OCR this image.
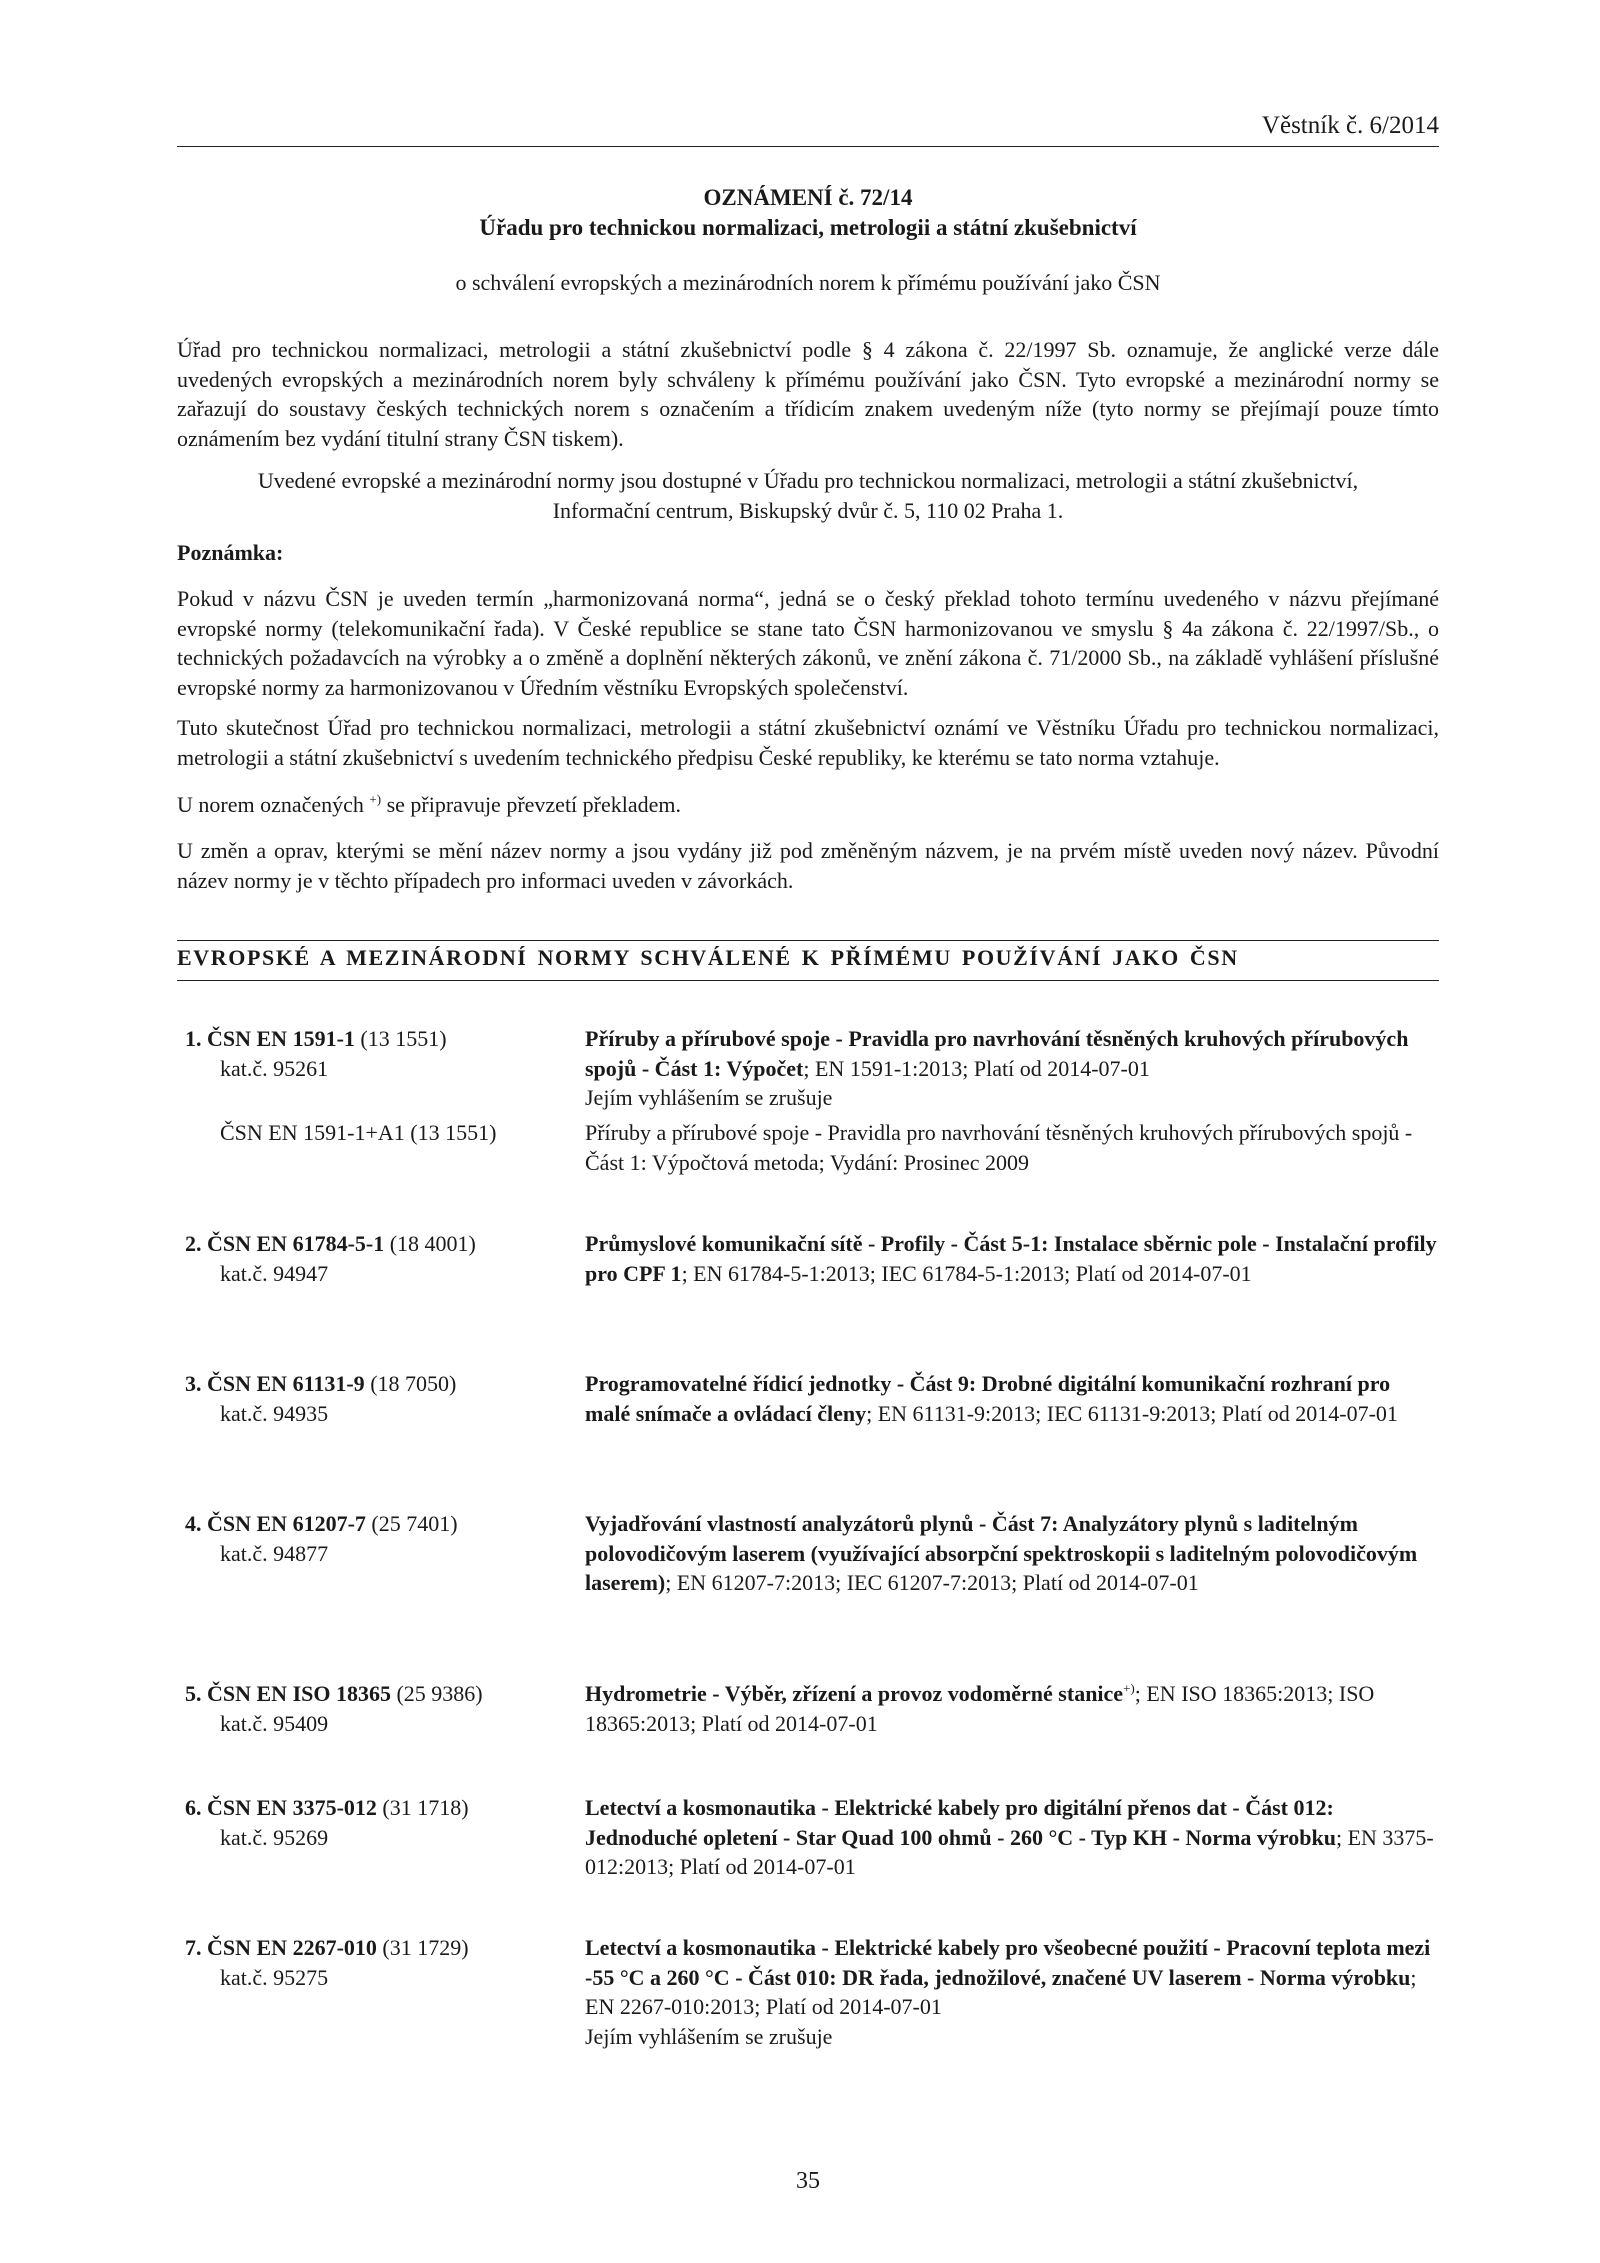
Věstník č. 6/2014
OZNÁMENÍ č. 72/14
Úřadu pro technickou normalizaci, metrologii a státní zkušebnictví
o schválení evropských a mezinárodních norem k přímému používání jako ČSN
Úřad pro technickou normalizaci, metrologii a státní zkušebnictví podle § 4 zákona č. 22/1997 Sb. oznamuje, že anglické verze dále uvedených evropských a mezinárodních norem byly schváleny k přímému používání jako ČSN. Tyto evropské a mezinárodní normy se zařazují do soustavy českých technických norem s označením a třídicím znakem uvedeným níže (tyto normy se přejímají pouze tímto oznámením bez vydání titulní strany ČSN tiskem).
Uvedené evropské a mezinárodní normy jsou dostupné v Úřadu pro technickou normalizaci, metrologii a státní zkušebnictví,
Informační centrum, Biskupský dvůr č. 5, 110 02 Praha 1.
Poznámka:
Pokud v názvu ČSN je uveden termín „harmonizovaná norma“, jedná se o český překlad tohoto termínu uvedeného v názvu přejímané evropské normy (telekomunikační řada). V České republice se stane tato ČSN harmonizovanou ve smyslu § 4a zákona č. 22/1997/Sb., o technických požadavcích na výrobky a o změně a doplnění některých zákonů, ve znění zákona č. 71/2000 Sb., na základě vyhlášení příslušné evropské normy za harmonizovanou v Úředním věstníku Evropských společenství.
Tuto skutečnost Úřad pro technickou normalizaci, metrologii a státní zkušebnictví oznámí ve Věstníku Úřadu pro technickou normalizaci, metrologii a státní zkušebnictví s uvedením technického předpisu České republiky, ke kterému se tato norma vztahuje.
U norem označených +) se připravuje převzetí překladem.
U změn a oprav, kterými se mění název normy a jsou vydány již pod změněným názvem, je na prvém místě uveden nový název. Původní název normy je v těchto případech pro informaci uveden v závorkách.
EVROPSKÉ A MEZINÁRODNÍ NORMY SCHVÁLENÉ K PŘÍMÉMU POUŽÍVÁNÍ JAKO ČSN
1. ČSN EN 1591-1 (13 1551)
kat.č. 95261
Příruby a přírubové spoje - Pravidla pro navrhování těsněných kruhových přírubových spojů - Část 1: Výpočet; EN 1591-1:2013; Platí od 2014-07-01
Jejím vyhlášením se zrušuje
ČSN EN 1591-1+A1 (13 1551)	Příruby a přírubové spoje - Pravidla pro navrhování těsněných kruhových přírubových spojů - Část 1: Výpočtová metoda; Vydání: Prosinec 2009
2. ČSN EN 61784-5-1 (18 4001)
kat.č. 94947
Průmyslové komunikační sítě - Profily - Část 5-1: Instalace sběrnic pole - Instalační profily pro CPF 1; EN 61784-5-1:2013; IEC 61784-5-1:2013; Platí od 2014-07-01
3. ČSN EN 61131-9 (18 7050)
kat.č. 94935
Programovatelné řídicí jednotky - Část 9: Drobné digitální komunikační rozhraní pro malé snímače a ovládací členy; EN 61131-9:2013; IEC 61131-9:2013; Platí od 2014-07-01
4. ČSN EN 61207-7 (25 7401)
kat.č. 94877
Vyjadřování vlastností analyzátorů plynů - Část 7: Analyzátory plynů s laditelným polovodičovým laserem (využívající absorpční spektroskopii s laditelným polovodičovým laserem); EN 61207-7:2013; IEC 61207-7:2013; Platí od 2014-07-01
5. ČSN EN ISO 18365 (25 9386)
kat.č. 95409
Hydrometrie - Výběr, zřízení a provoz vodoměrné stanice+); EN ISO 18365:2013; ISO 18365:2013; Platí od 2014-07-01
6. ČSN EN 3375-012 (31 1718)
kat.č. 95269
Letectví a kosmonautika - Elektrické kabely pro digitální přenos dat - Část 012: Jednoduché opletení - Star Quad 100 ohmů - 260 °C - Typ KH - Norma výrobku; EN 3375-012:2013; Platí od 2014-07-01
7. ČSN EN 2267-010 (31 1729)
kat.č. 95275
Letectví a kosmonautika - Elektrické kabely pro všeobecné použití - Pracovní teplota mezi -55 °C a 260 °C - Část 010: DR řada, jednožilové, značené UV laserem - Norma výrobku; EN 2267-010:2013; Platí od 2014-07-01
Jejím vyhlášením se zrušuje
35
